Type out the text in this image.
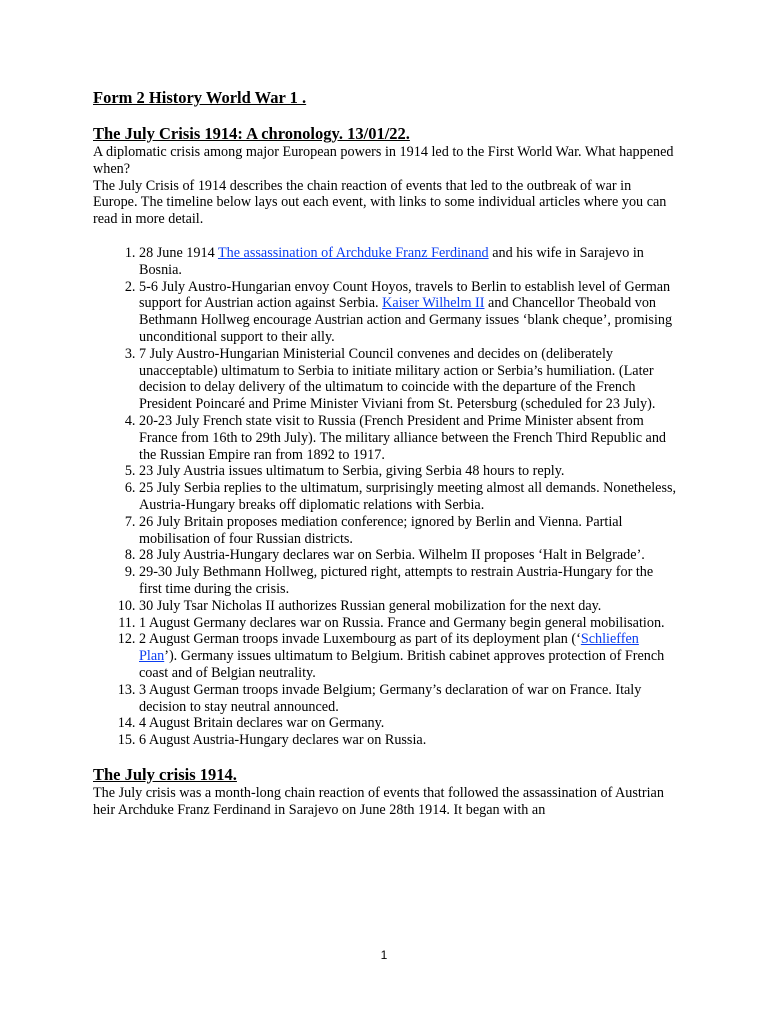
Form 2 History World War 1 .
The July Crisis 1914: A chronology. 13/01/22.

A diplomatic crisis among major European powers in 1914 led to the First World War. What happened when?

The July Crisis of 1914 describes the chain reaction of events that led to the outbreak of war in Europe. The timeline below lays out each event, with links to some individual articles where you can read in more detail.

1. 28 June 1914 The assassination of Archduke Franz Ferdinand and his wife in Sarajevo in Bosnia.
2. 5-6 July Austro-Hungarian envoy Count Hoyos, travels to Berlin to establish level of German support for Austrian action against Serbia. Kaiser Wilhelm II and Chancellor Theobald von Bethmann Hollweg encourage Austrian action and Germany issues ‘blank cheque’, promising unconditional support to their ally.
3. 7 July Austro-Hungarian Ministerial Council convenes and decides on (deliberately unacceptable) ultimatum to Serbia to initiate military action or Serbia’s humiliation. (Later decision to delay delivery of the ultimatum to coincide with the departure of the French President Poincaré and Prime Minister Viviani from St. Petersburg (scheduled for 23 July).
4. 20-23 July French state visit to Russia (French President and Prime Minister absent from France from 16th to 29th July). The military alliance between the French Third Republic and the Russian Empire ran from 1892 to 1917.
5. 23 July Austria issues ultimatum to Serbia, giving Serbia 48 hours to reply.
6. 25 July Serbia replies to the ultimatum, surprisingly meeting almost all demands. Nonetheless, Austria-Hungary breaks off diplomatic relations with Serbia.
7. 26 July Britain proposes mediation conference; ignored by Berlin and Vienna. Partial mobilisation of four Russian districts.
8. 28 July Austria-Hungary declares war on Serbia. Wilhelm II proposes ‘Halt in Belgrade’.
9. 29-30 July Bethmann Hollweg, pictured right, attempts to restrain Austria-Hungary for the first time during the crisis.
10. 30 July Tsar Nicholas II authorizes Russian general mobilization for the next day.
11. 1 August Germany declares war on Russia. France and Germany begin general mobilisation.
12. 2 August German troops invade Luxembourg as part of its deployment plan (‘Schlieffen Plan’). Germany issues ultimatum to Belgium. British cabinet approves protection of French coast and of Belgian neutrality.
13. 3 August German troops invade Belgium; Germany’s declaration of war on France. Italy decision to stay neutral announced.
14. 4 August Britain declares war on Germany.
15. 6 August Austria-Hungary declares war on Russia.
The July crisis 1914.

The July crisis was a month-long chain reaction of events that followed the assassination of Austrian heir Archduke Franz Ferdinand in Sarajevo on June 28th 1914. It began with an

1
